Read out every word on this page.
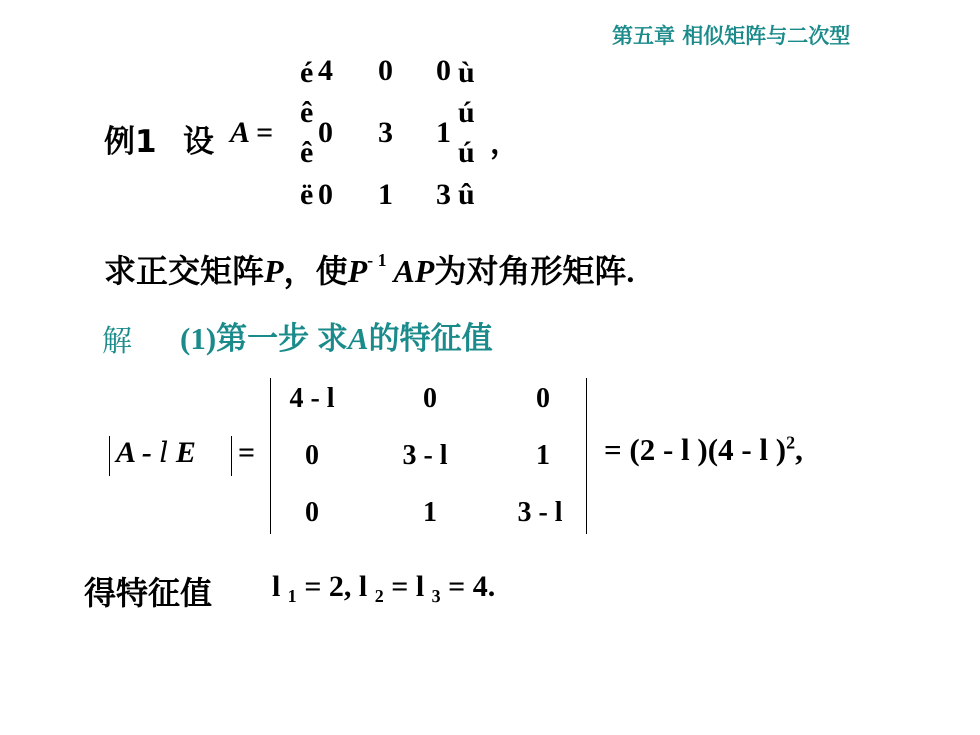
第五章 相似矩阵与二次型
例1 设 A =
é
ê
ê
ë
ù
ú
ú
û
4 0 0
0 3 1
0 1 3
，
求正交矩阵P，使$P^{- 1}$ AP为对角形矩阵.
解 (1)第一步 求A的特征值
A - l E =
4 - l	0	0
0	3 - l	1
0	1	3 - l
= (2 - l )(4 - l )$^2$,
得特征值 l ₁ = 2, l ₂ = l ₃ = 4.
